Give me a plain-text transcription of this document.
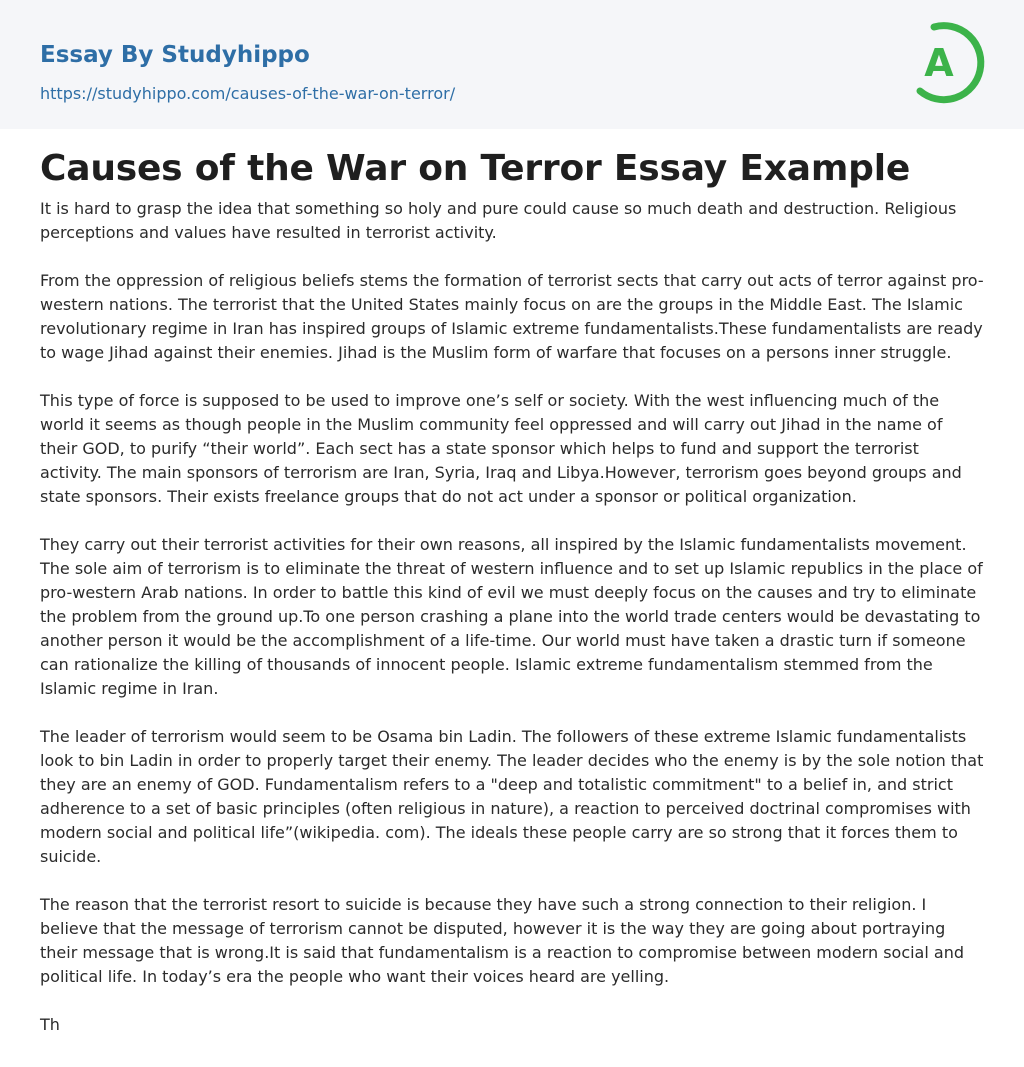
Essay By Studyhippo
https://studyhippo.com/causes-of-the-war-on-terror/
A
Causes of the War on Terror Essay Example

It is hard to grasp the idea that something so holy and pure could cause so much death and destruction. Religious perceptions and values have resulted in terrorist activity.

From the oppression of religious beliefs stems the formation of terrorist sects that carry out acts of terror against pro-western nations. The terrorist that the United States mainly focus on are the groups in the Middle East. The Islamic revolutionary regime in Iran has inspired groups of Islamic extreme fundamentalists.These fundamentalists are ready to wage Jihad against their enemies. Jihad is the Muslim form of warfare that focuses on a persons inner struggle.

This type of force is supposed to be used to improve one’s self or society. With the west influencing much of the world it seems as though people in the Muslim community feel oppressed and will carry out Jihad in the name of their GOD, to purify “their world”. Each sect has a state sponsor which helps to fund and support the terrorist activity. The main sponsors of terrorism are Iran, Syria, Iraq and Libya.However, terrorism goes beyond groups and state sponsors. Their exists freelance groups that do not act under a sponsor or political organization.

They carry out their terrorist activities for their own reasons, all inspired by the Islamic fundamentalists movement. The sole aim of terrorism is to eliminate the threat of western influence and to set up Islamic republics in the place of pro-western Arab nations. In order to battle this kind of evil we must deeply focus on the causes and try to eliminate the problem from the ground up.To one person crashing a plane into the world trade centers would be devastating to another person it would be the accomplishment of a life-time. Our world must have taken a drastic turn if someone can rationalize the killing of thousands of innocent people. Islamic extreme fundamentalism stemmed from the Islamic regime in Iran.

The leader of terrorism would seem to be Osama bin Ladin. The followers of these extreme Islamic fundamentalists look to bin Ladin in order to properly target their enemy. The leader decides who the enemy is by the sole notion that they are an enemy of GOD. Fundamentalism refers to a "deep and totalistic commitment" to a belief in, and strict adherence to a set of basic principles (often religious in nature), a reaction to perceived doctrinal compromises with modern social and political life”(wikipedia. com). The ideals these people carry are so strong that it forces them to suicide.

The reason that the terrorist resort to suicide is because they have such a strong connection to their religion. I believe that the message of terrorism cannot be disputed, however it is the way they are going about portraying their message that is wrong.It is said that fundamentalism is a reaction to compromise between modern social and political life. In today’s era the people who want their voices heard are yelling.

Th
